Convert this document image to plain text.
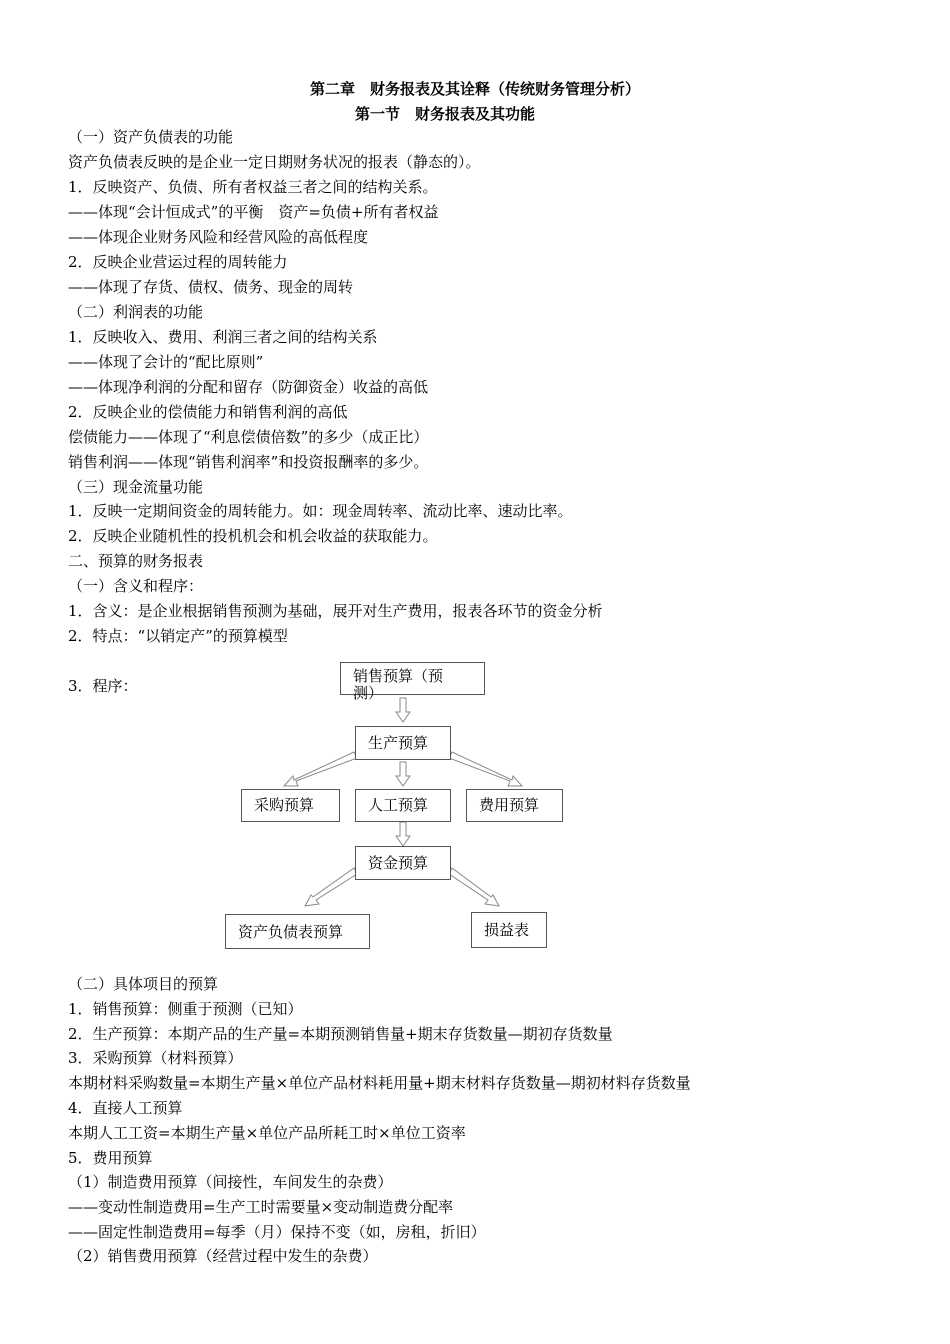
第二章　财务报表及其诠释（传统财务管理分析）
第一节　财务报表及其功能
（一）资产负债表的功能
资产负债表反映的是企业一定日期财务状况的报表（静态的）。
1．反映资产、负债、所有者权益三者之间的结构关系。
——体现“会计恒成式”的平衡　资产=负债+所有者权益
——体现企业财务风险和经营风险的高低程度
2．反映企业营运过程的周转能力
——体现了存货、债权、债务、现金的周转
（二）利润表的功能
1．反映收入、费用、利润三者之间的结构关系
——体现了会计的“配比原则”
——体现净利润的分配和留存（防御资金）收益的高低
2．反映企业的偿债能力和销售利润的高低
偿债能力——体现了“利息偿债倍数”的多少（成正比）
销售利润——体现“销售利润率”和投资报酬率的多少。
（三）现金流量功能
1．反映一定期间资金的周转能力。如：现金周转率、流动比率、速动比率。
2．反映企业随机性的投机机会和机会收益的获取能力。
二、预算的财务报表
（一）含义和程序：
1．含义：是企业根据销售预测为基础，展开对生产费用，报表各环节的资金分析
2．特点：“以销定产”的预算模型
3．程序：
销售预算（预测）
生产预算
采购预算	人工预算	费用预算
资金预算
资产负债表预算	损益表
（二）具体项目的预算
1．销售预算：侧重于预测（已知）
2．生产预算：本期产品的生产量=本期预测销售量+期末存货数量—期初存货数量
3．采购预算（材料预算）
本期材料采购数量=本期生产量×单位产品材料耗用量+期末材料存货数量—期初材料存货数量
4．直接人工预算
本期人工工资=本期生产量×单位产品所耗工时×单位工资率
5．费用预算
（1）制造费用预算（间接性，车间发生的杂费）
——变动性制造费用=生产工时需要量×变动制造费分配率
——固定性制造费用=每季（月）保持不变（如，房租，折旧）
（2）销售费用预算（经营过程中发生的杂费）
